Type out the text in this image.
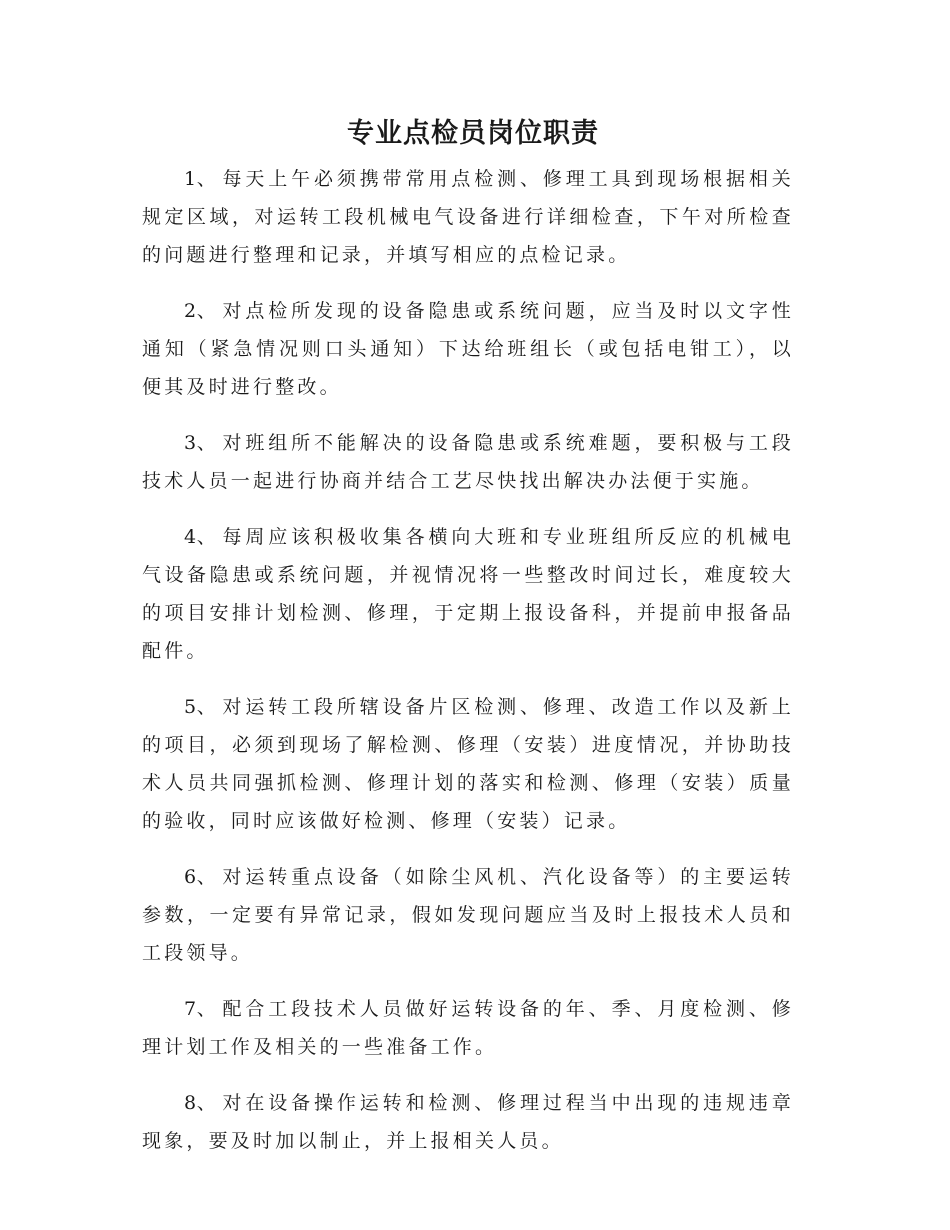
专业点检员岗位职责

1、 每天上午必须携带常用点检测、修理工具到现场根据相关规定区域，对运转工段机械电气设备进行详细检查，下午对所检查的问题进行整理和记录，并填写相应的点检记录。

2、 对点检所发现的设备隐患或系统问题，应当及时以文字性通知（紧急情况则口头通知）下达给班组长（或包括电钳工），以便其及时进行整改。

3、 对班组所不能解决的设备隐患或系统难题，要积极与工段技术人员一起进行协商并结合工艺尽快找出解决办法便于实施。

4、 每周应该积极收集各横向大班和专业班组所反应的机械电气设备隐患或系统问题，并视情况将一些整改时间过长，难度较大的项目安排计划检测、修理，于定期上报设备科，并提前申报备品配件。

5、 对运转工段所辖设备片区检测、修理、改造工作以及新上的项目，必须到现场了解检测、修理（安装）进度情况，并协助技术人员共同强抓检测、修理计划的落实和检测、修理（安装）质量的验收，同时应该做好检测、修理（安装）记录。

6、 对运转重点设备（如除尘风机、汽化设备等）的主要运转参数，一定要有异常记录，假如发现问题应当及时上报技术人员和工段领导。

7、 配合工段技术人员做好运转设备的年、季、月度检测、修理计划工作及相关的一些准备工作。

8、 对在设备操作运转和检测、修理过程当中出现的违规违章现象，要及时加以制止，并上报相关人员。
